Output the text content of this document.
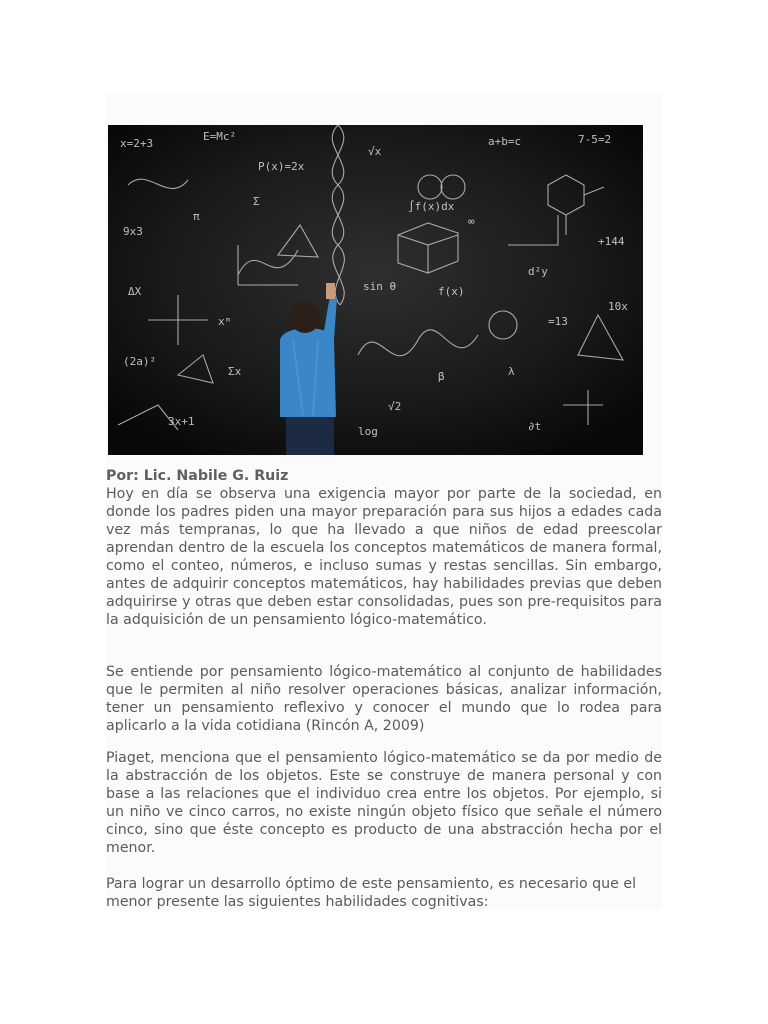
x=2+3
E=Mc²
P(x)=2x
√x
∫f(x)dx
a+b=c	7-5=2
9x3
π
Σ
∞
d²y
+144
ΔX
xᵐ
sin θ	f(x)
=13
10x
(2a)²
Σx
√2
β	λ
3x+1
log	∂t
Por: Lic. Nabile G. Ruiz
Hoy en día se observa una exigencia mayor por parte de la sociedad, en donde los padres piden una mayor preparación para sus hijos a edades cada vez más tempranas, lo que ha llevado a que niños de edad preescolar aprendan dentro de la escuela los conceptos matemáticos de manera formal, como el conteo, números, e incluso sumas y restas sencillas. Sin embargo, antes de adquirir conceptos matemáticos, hay habilidades previas que deben adquirirse y otras que deben estar consolidadas, pues son pre-requisitos para la adquisición de un pensamiento lógico-matemático.
Se entiende por pensamiento lógico-matemático al conjunto de habilidades que le permiten al niño resolver operaciones básicas, analizar información, tener un pensamiento reflexivo y conocer el mundo que lo rodea para aplicarlo a la vida cotidiana (Rincón A, 2009)
Piaget, menciona que el pensamiento lógico-matemático se da por medio de la abstracción de los objetos. Este se construye de manera personal y con base a las relaciones que el individuo crea entre los objetos. Por ejemplo, si un niño ve cinco carros, no existe ningún objeto físico que señale el número cinco, sino que éste concepto es producto de una abstracción hecha por el menor.
Para lograr un desarrollo óptimo de este pensamiento, es necesario que el menor presente las siguientes habilidades cognitivas:
